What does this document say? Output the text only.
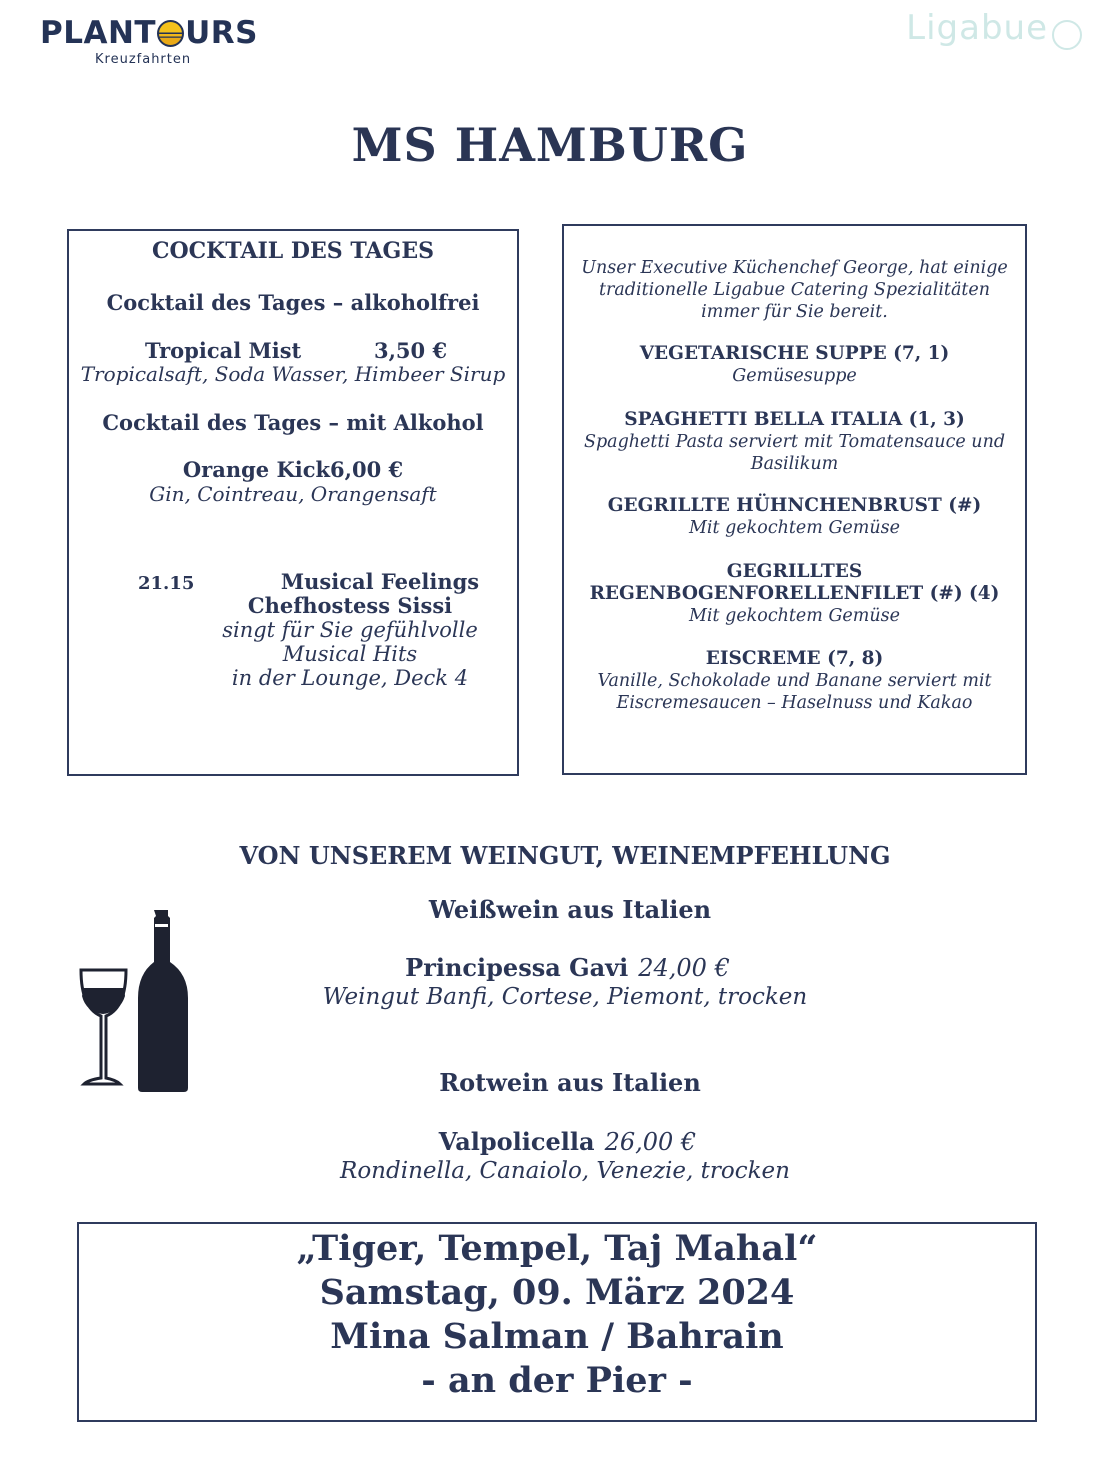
PLANT URS
Kreuzfahrten
Ligabue
MS HAMBURG
COCKTAIL DES TAGES
Cocktail des Tages – alkoholfrei
Tropical Mist	3,50 €
Tropicalsaft, Soda Wasser, Himbeer Sirup
Cocktail des Tages – mit Alkohol
Orange Kick6,00 €
Gin, Cointreau, Orangensaft
21.15	Musical Feelings
Chefhostess Sissi
singt für Sie gefühlvolle
Musical Hits
in der Lounge, Deck 4
Unser Executive Küchenchef George, hat einige
traditionelle Ligabue Catering Spezialitäten
immer für Sie bereit.
VEGETARISCHE SUPPE (7, 1)
Gemüsesuppe
SPAGHETTI BELLA ITALIA (1, 3)
Spaghetti Pasta serviert mit Tomatensauce und
Basilikum
GEGRILLTE HÜHNCHENBRUST (#)
Mit gekochtem Gemüse
GEGRILLTES
REGENBOGENFORELLENFILET (#) (4)
Mit gekochtem Gemüse
EISCREME (7, 8)
Vanille, Schokolade und Banane serviert mit
Eiscremesaucen – Haselnuss und Kakao
VON UNSEREM WEINGUT, WEINEMPFEHLUNG
Weißwein aus Italien
Principessa Gavi 24,00 €
Weingut Banfi, Cortese, Piemont, trocken
Rotwein aus Italien
Valpolicella 26,00 €
Rondinella, Canaiolo, Venezie, trocken
„Tiger, Tempel, Taj Mahal“
Samstag, 09. März 2024
Mina Salman / Bahrain
- an der Pier -
